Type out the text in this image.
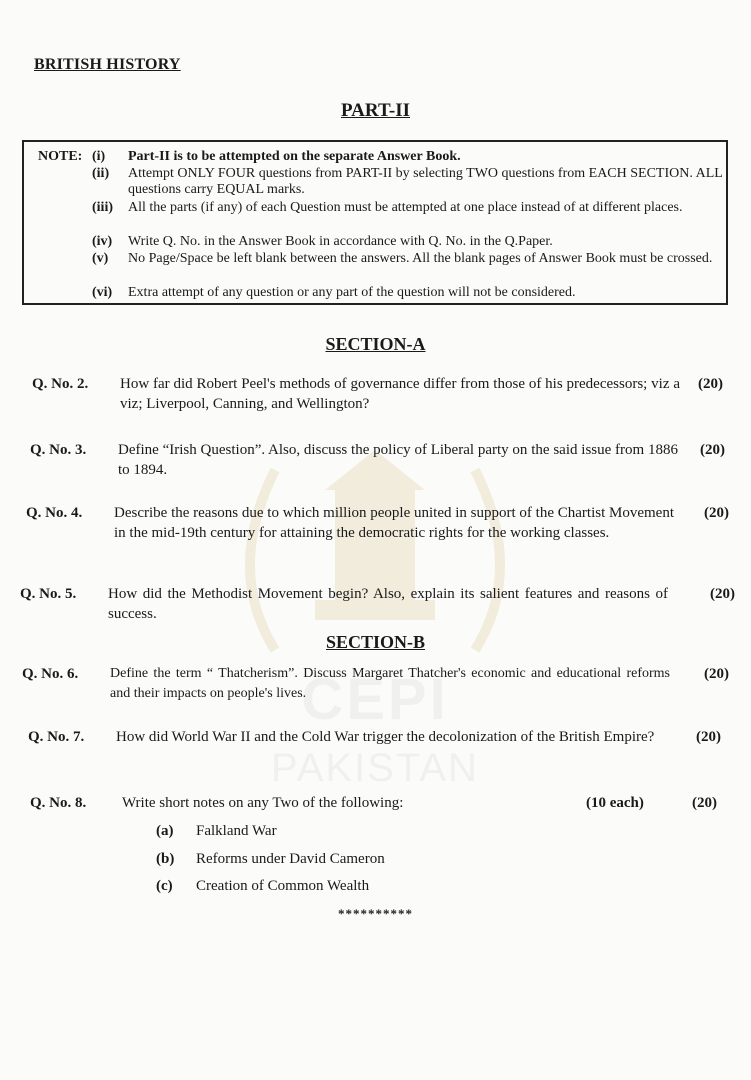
CEPI
PAKISTAN
BRITISH HISTORY
PART-II
NOTE: (i) Part-II is to be attempted on the separate Answer Book.
(ii) Attempt ONLY FOUR questions from PART-II by selecting TWO questions from EACH SECTION. ALL questions carry EQUAL marks.
(iii) All the parts (if any) of each Question must be attempted at one place instead of at different places.
(iv) Write Q. No. in the Answer Book in accordance with Q. No. in the Q.Paper.
(v) No Page/Space be left blank between the answers. All the blank pages of Answer Book must be crossed.
(vi) Extra attempt of any question or any part of the question will not be considered.
SECTION-A
Q. No. 2. How far did Robert Peel's methods of governance differ from those of his predecessors; viz a viz; Liverpool, Canning, and Wellington?
(20)
Q. No. 3. Define “Irish Question”. Also, discuss the policy of Liberal party on the said issue from 1886 to 1894.
(20)
Q. No. 4. Describe the reasons due to which million people united in support of the Chartist Movement in the mid-19th century for attaining the democratic rights for the working classes.
(20)
Q. No. 5. How did the Methodist Movement begin? Also, explain its salient features and reasons of success.
(20)
SECTION-B
Q. No. 6. Define the term “ Thatcherism”. Discuss Margaret Thatcher's economic and educational reforms and their impacts on people's lives.
(20)
Q. No. 7. How did World War II and the Cold War trigger the decolonization of the British Empire?	(20)
Q. No. 8. Write short notes on any Two of the following:	(10 each)	(20)
(a) Falkland War
(b) Reforms under David Cameron
(c) Creation of Common Wealth
**********
